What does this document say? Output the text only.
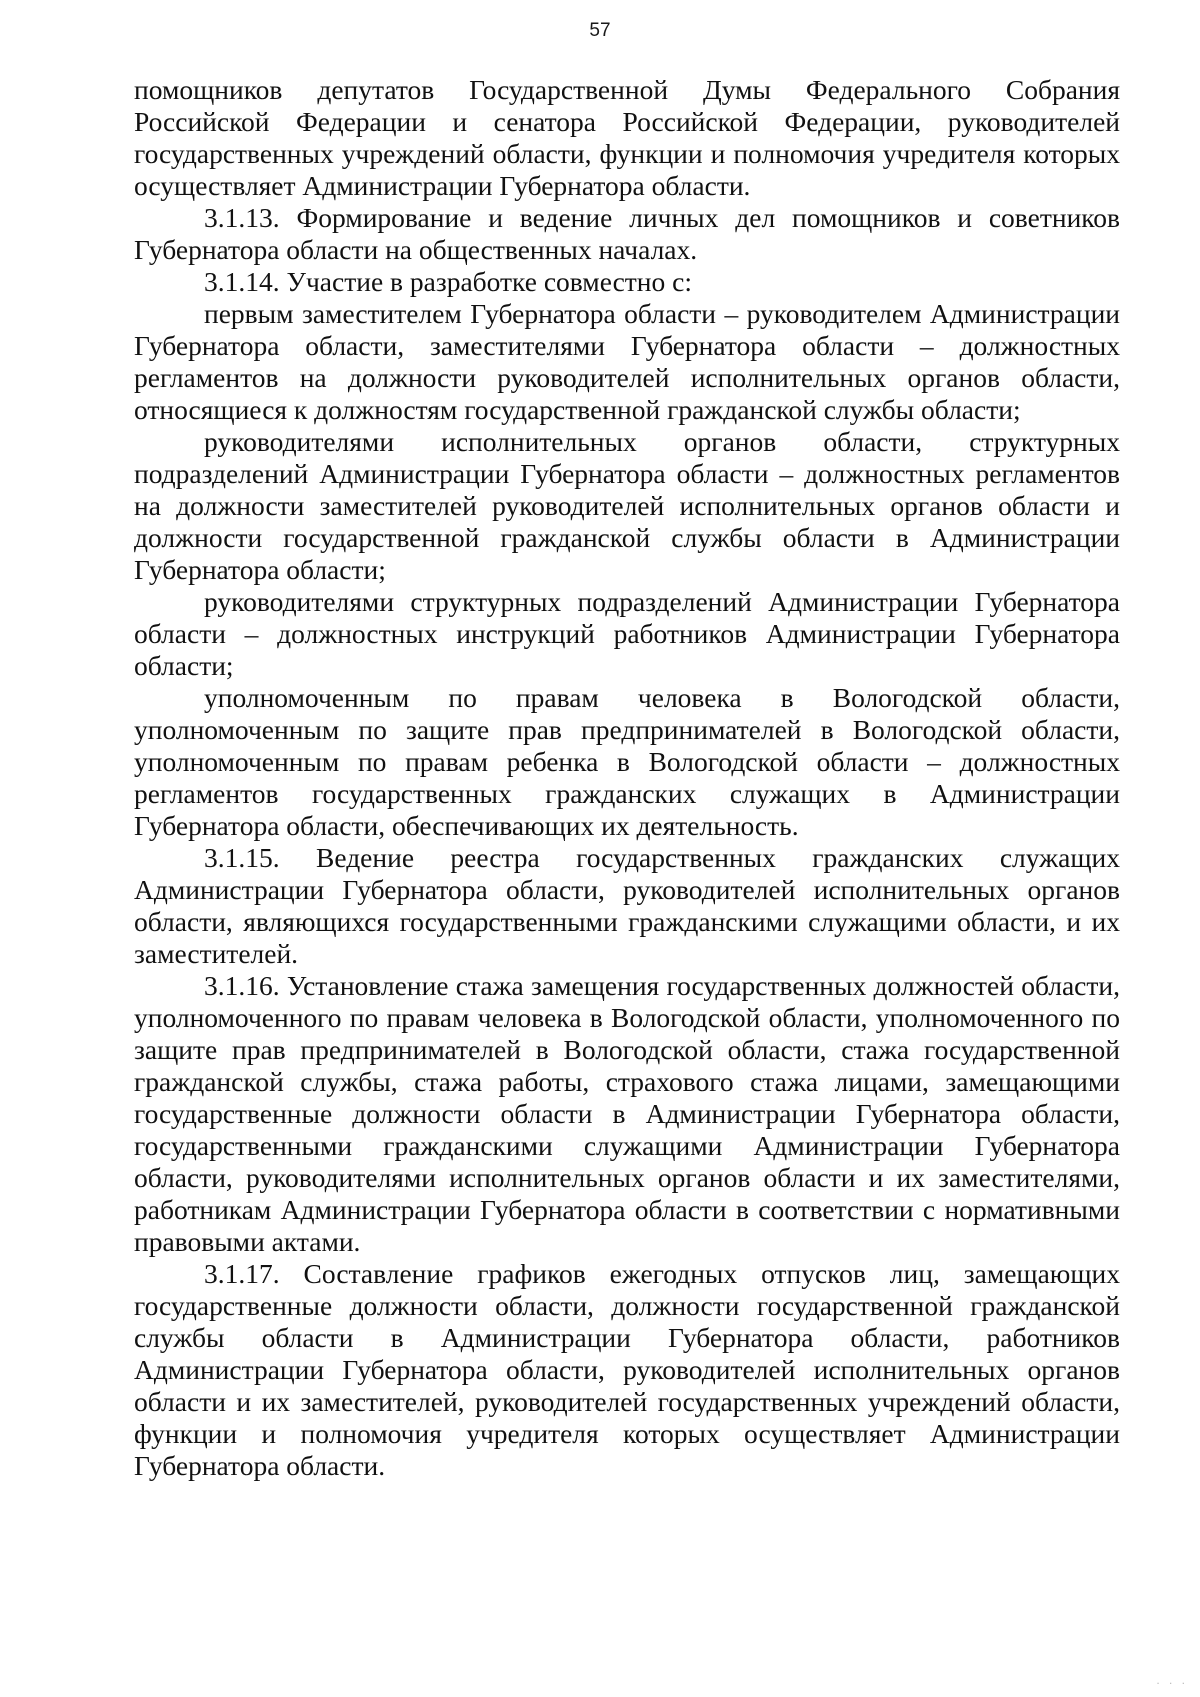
57

помощников депутатов Государственной Думы Федерального Собрания Российской Федерации и сенатора Российской Федерации, руководителей государственных учреждений области, функции и полномочия учредителя которых осуществляет Администрации Губернатора области.

3.1.13. Формирование и ведение личных дел помощников и советников Губернатора области на общественных началах.

3.1.14. Участие в разработке совместно с:

первым заместителем Губернатора области – руководителем Администрации Губернатора области, заместителями Губернатора области – должностных регламентов на должности руководителей исполнительных органов области, относящиеся к должностям государственной гражданской службы области;

руководителями исполнительных органов области, структурных подразделений Администрации Губернатора области – должностных регламентов на должности заместителей руководителей исполнительных органов области и должности государственной гражданской службы области в Администрации Губернатора области;

руководителями структурных подразделений Администрации Губернатора области – должностных инструкций работников Администрации Губернатора области;

уполномоченным по правам человека в Вологодской области, уполномоченным по защите прав предпринимателей в Вологодской области, уполномоченным по правам ребенка в Вологодской области – должностных регламентов государственных гражданских служащих в Администрации Губернатора области, обеспечивающих их деятельность.

3.1.15. Ведение реестра государственных гражданских служащих Администрации Губернатора области, руководителей исполнительных органов области, являющихся государственными гражданскими служащими области, и их заместителей.

3.1.16. Установление стажа замещения государственных должностей области, уполномоченного по правам человека в Вологодской области, уполномоченного по защите прав предпринимателей в Вологодской области, стажа государственной гражданской службы, стажа работы, страхового стажа лицами, замещающими государственные должности области в Администрации Губернатора области, государственными гражданскими служащими Администрации Губернатора области, руководителями исполнительных органов области и их заместителями, работникам Администрации Губернатора области в соответствии с нормативными правовыми актами.

3.1.17. Составление графиков ежегодных отпусков лиц, замещающих государственные должности области, должности государственной гражданской службы области в Администрации Губернатора области, работников Администрации Губернатора области, руководителей исполнительных органов области и их заместителей, руководителей государственных учреждений области, функции и полномочия учредителя которых осуществляет Администрации Губернатора области.

. . .
